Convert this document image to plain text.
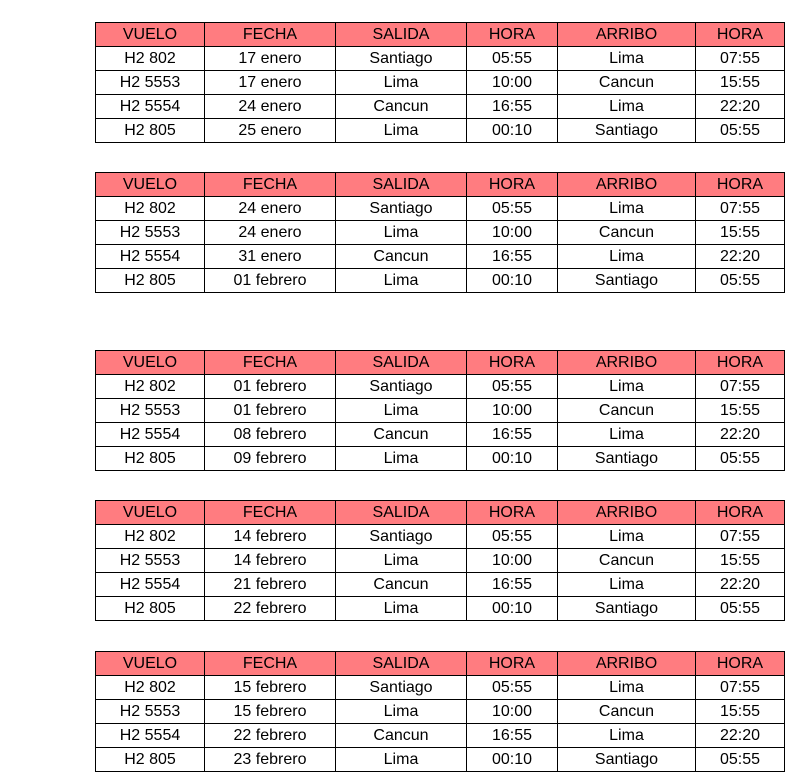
VUELO	FECHA	SALIDA	HORA	ARRIBO	HORA
H2 802	17 enero	Santiago	05:55	Lima	07:55
H2 5553	17 enero	Lima	10:00	Cancun	15:55
H2 5554	24 enero	Cancun	16:55	Lima	22:20
H2 805	25 enero	Lima	00:10	Santiago	05:55
VUELO	FECHA	SALIDA	HORA	ARRIBO	HORA
H2 802	24 enero	Santiago	05:55	Lima	07:55
H2 5553	24 enero	Lima	10:00	Cancun	15:55
H2 5554	31 enero	Cancun	16:55	Lima	22:20
H2 805	01 febrero	Lima	00:10	Santiago	05:55
VUELO	FECHA	SALIDA	HORA	ARRIBO	HORA
H2 802	01 febrero	Santiago	05:55	Lima	07:55
H2 5553	01 febrero	Lima	10:00	Cancun	15:55
H2 5554	08 febrero	Cancun	16:55	Lima	22:20
H2 805	09 febrero	Lima	00:10	Santiago	05:55
VUELO	FECHA	SALIDA	HORA	ARRIBO	HORA
H2 802	14 febrero	Santiago	05:55	Lima	07:55
H2 5553	14 febrero	Lima	10:00	Cancun	15:55
H2 5554	21 febrero	Cancun	16:55	Lima	22:20
H2 805	22 febrero	Lima	00:10	Santiago	05:55
VUELO	FECHA	SALIDA	HORA	ARRIBO	HORA
H2 802	15 febrero	Santiago	05:55	Lima	07:55
H2 5553	15 febrero	Lima	10:00	Cancun	15:55
H2 5554	22 febrero	Cancun	16:55	Lima	22:20
H2 805	23 febrero	Lima	00:10	Santiago	05:55
